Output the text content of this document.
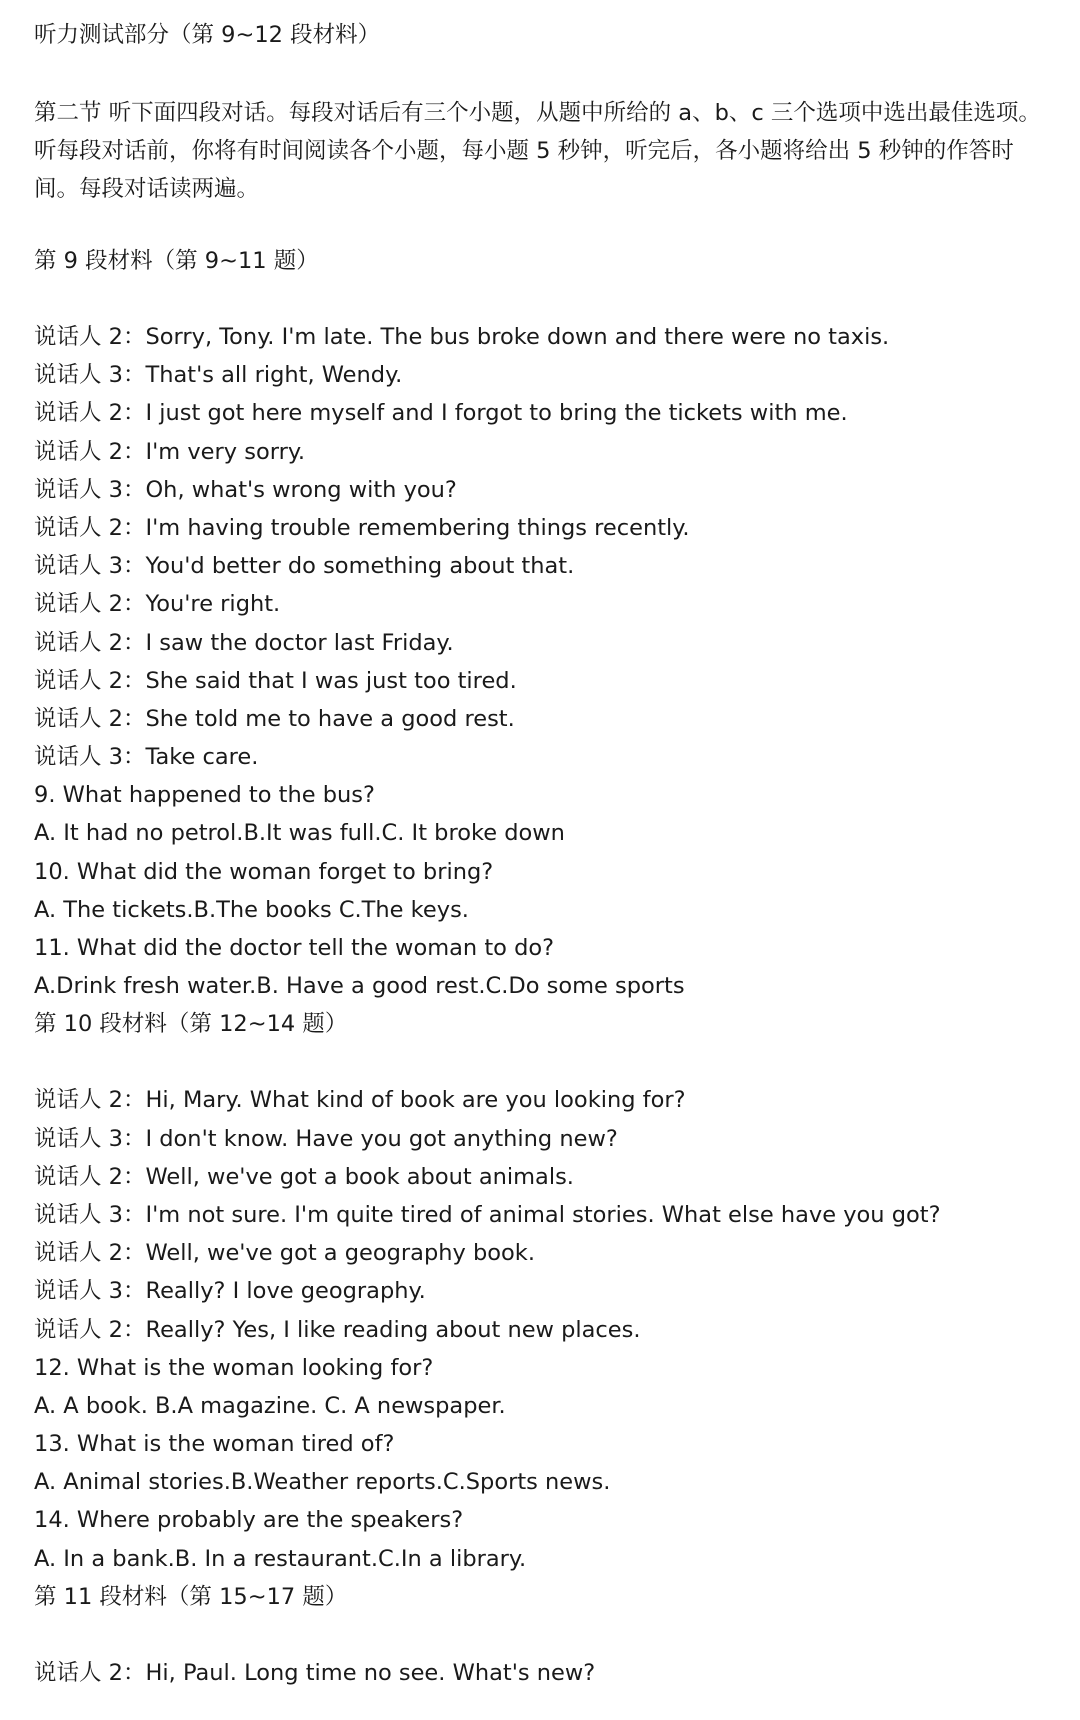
听力测试部分（第 9~12 段材料）
第二节 听下面四段对话。每段对话后有三个小题，从题中所给的 a、b、c 三个选项中选出最佳选项。听每段对话前，你将有时间阅读各个小题，每小题 5 秒钟，听完后，各小题将给出 5 秒钟的作答时间。每段对话读两遍。
第 9 段材料（第 9~11 题）
说话人 2：Sorry, Tony. I'm late. The bus broke down and there were no taxis.
说话人 3：That's all right, Wendy.
说话人 2：I just got here myself and I forgot to bring the tickets with me.
说话人 2：I'm very sorry.
说话人 3：Oh, what's wrong with you?
说话人 2：I'm having trouble remembering things recently.
说话人 3：You'd better do something about that.
说话人 2：You're right.
说话人 2：I saw the doctor last Friday.
说话人 2：She said that I was just too tired.
说话人 2：She told me to have a good rest.
说话人 3：Take care.
9. What happened to the bus?
A. It had no petrol.B.It was full.C. It broke down
10. What did the woman forget to bring?
A. The tickets.B.The books C.The keys.
11. What did the doctor tell the woman to do?
A.Drink fresh water.B. Have a good rest.C.Do some sports
第 10 段材料（第 12~14 题）
说话人 2：Hi, Mary. What kind of book are you looking for?
说话人 3：I don't know. Have you got anything new?
说话人 2：Well, we've got a book about animals.
说话人 3：I'm not sure. I'm quite tired of animal stories. What else have you got?
说话人 2：Well, we've got a geography book.
说话人 3：Really? I love geography.
说话人 2：Really? Yes, I like reading about new places.
12. What is the woman looking for?
A. A book. B.A magazine. C. A newspaper.
13. What is the woman tired of?
A. Animal stories.B.Weather reports.C.Sports news.
14. Where probably are the speakers?
A. In a bank.B. In a restaurant.C.In a library.
第 11 段材料（第 15~17 题）
说话人 2：Hi, Paul. Long time no see. What's new?
